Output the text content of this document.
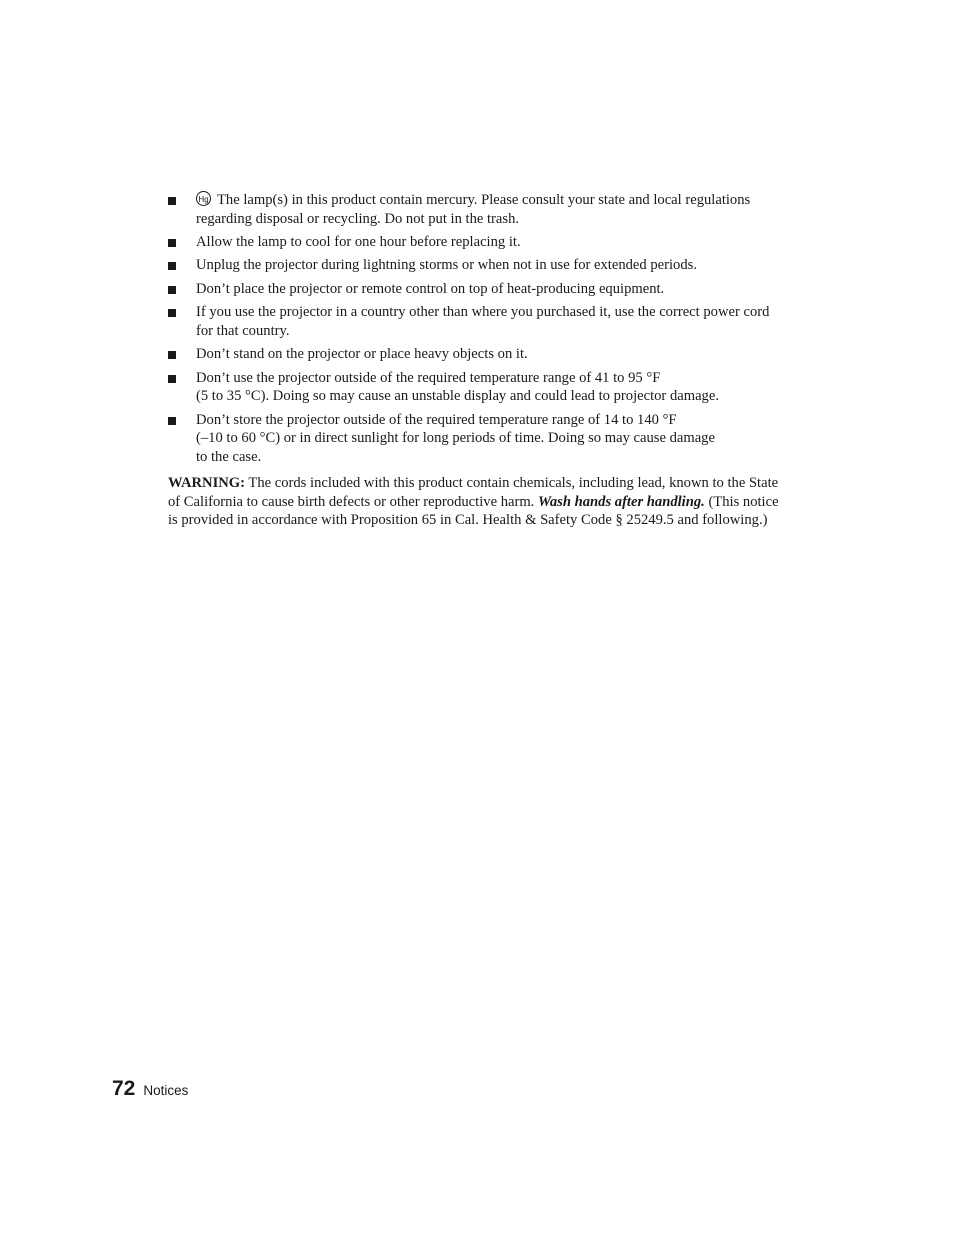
Hg The lamp(s) in this product contain mercury. Please consult your state and local regulations regarding disposal or recycling. Do not put in the trash.
Allow the lamp to cool for one hour before replacing it.
Unplug the projector during lightning storms or when not in use for extended periods.
Don’t place the projector or remote control on top of heat-producing equipment.
If you use the projector in a country other than where you purchased it, use the correct power cord for that country.
Don’t stand on the projector or place heavy objects on it.
Don’t use the projector outside of the required temperature range of 41 to 95 °F
(5 to 35 °C). Doing so may cause an unstable display and could lead to projector damage.
Don’t store the projector outside of the required temperature range of 14 to 140 °F
(–10 to 60 °C) or in direct sunlight for long periods of time. Doing so may cause damage
to the case.

WARNING: The cords included with this product contain chemicals, including lead, known to the State of California to cause birth defects or other reproductive harm. Wash hands after handling. (This notice is provided in accordance with Proposition 65 in Cal. Health & Safety Code § 25249.5 and following.)

72 Notices
